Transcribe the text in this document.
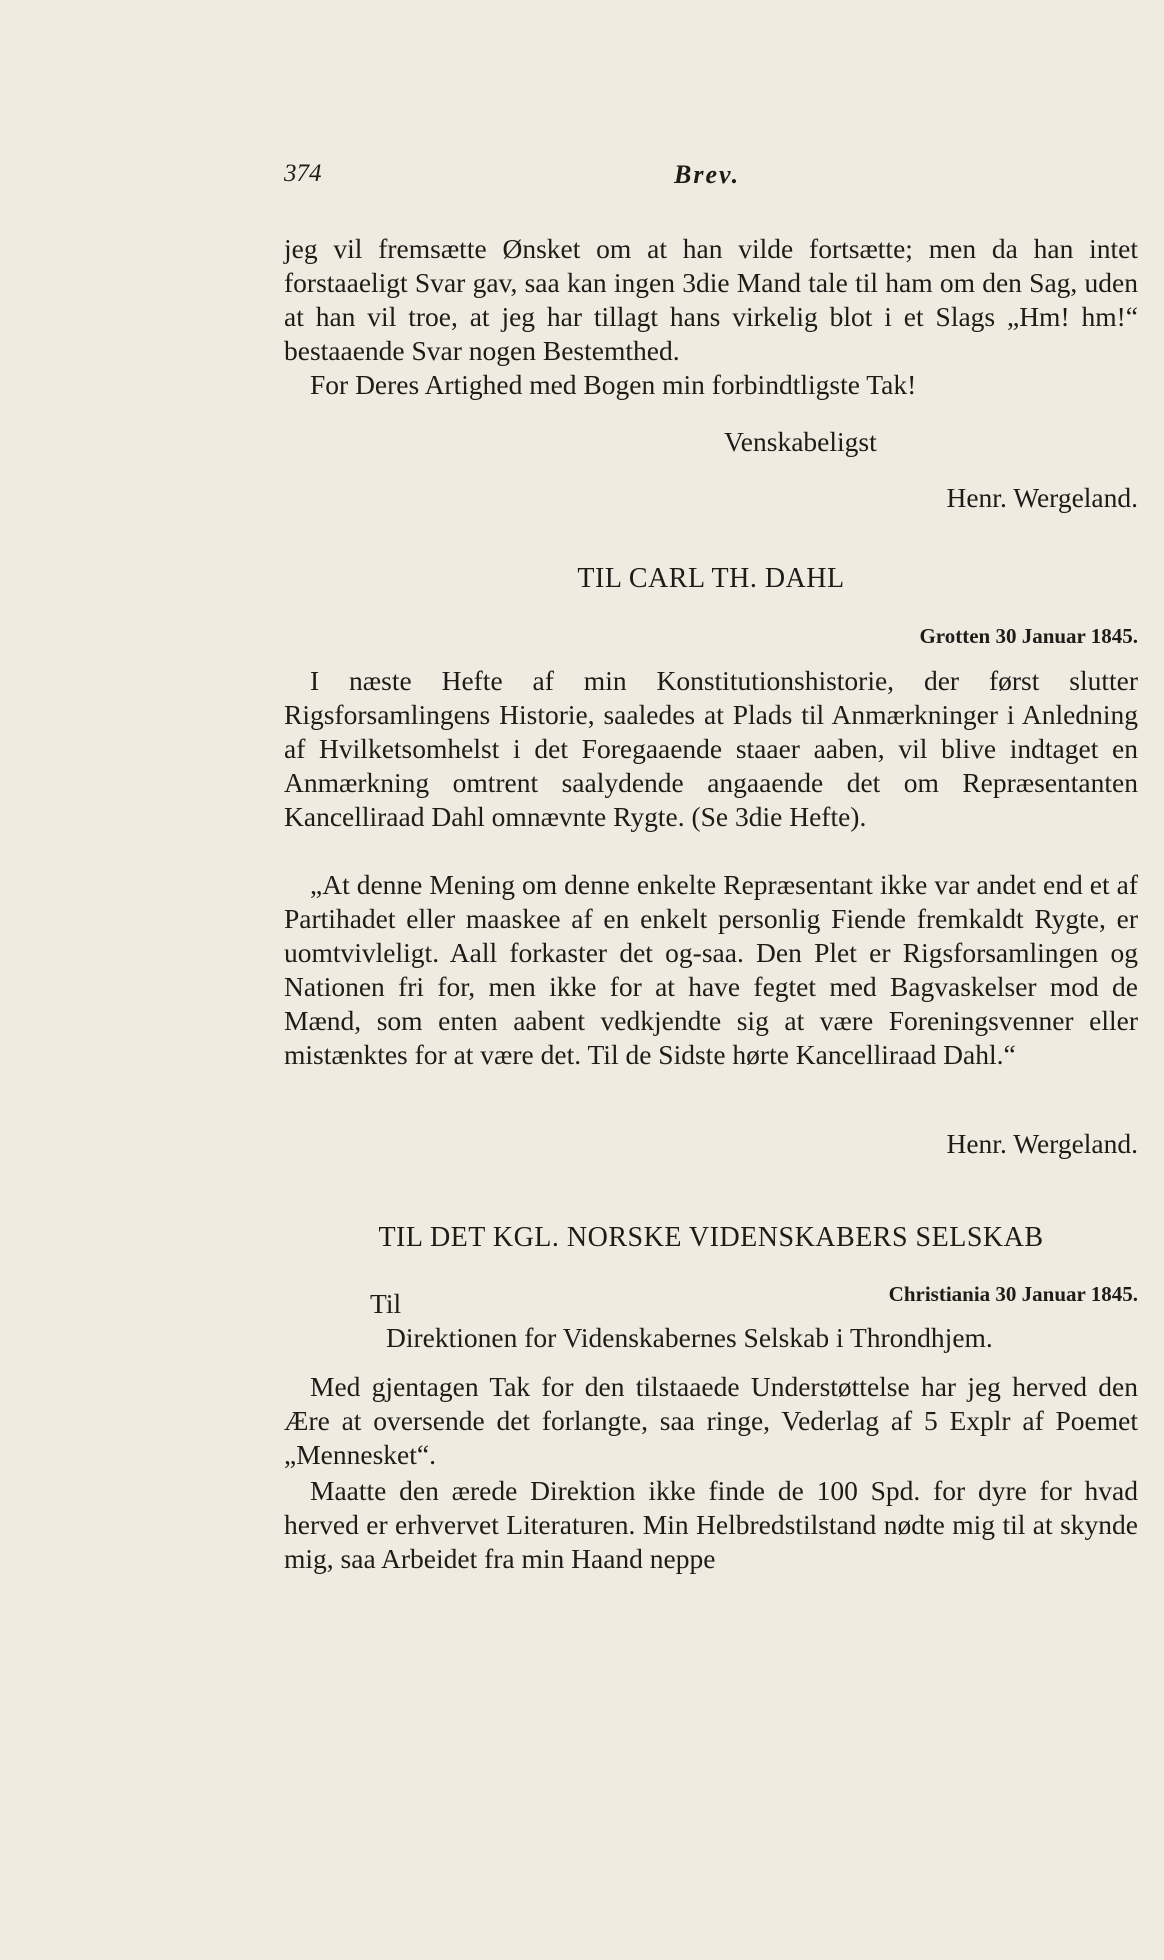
374	Brev.

jeg vil fremsætte Ønsket om at han vilde fortsætte; men da han intet forstaaeligt Svar gav, saa kan ingen 3die Mand tale til ham om den Sag, uden at han vil troe, at jeg har tillagt hans virkelig blot i et Slags „Hm! hm!“ bestaaende Svar nogen Bestemthed.

For Deres Artighed med Bogen min forbindtligste Tak!

Venskabeligst
Henr. Wergeland.
TIL CARL TH. DAHL
Grotten 30 Januar 1845.

I næste Hefte af min Konstitutionshistorie, der først slutter Rigsforsamlingens Historie, saaledes at Plads til Anmærkninger i Anledning af Hvilketsomhelst i det Foregaaende staaer aaben, vil blive indtaget en Anmærkning omtrent saalydende angaaende det om Repræsentanten Kancelliraad Dahl omnævnte Rygte. (Se 3die Hefte).

„At denne Mening om denne enkelte Repræsentant ikke var andet end et af Partihadet eller maaskee af en enkelt personlig Fiende fremkaldt Rygte, er uomtvivleligt. Aall forkaster det og-saa. Den Plet er Rigsforsamlingen og Nationen fri for, men ikke for at have fegtet med Bagvaskelser mod de Mænd, som enten aabent vedkjendte sig at være Foreningsvenner eller mistænktes for at være det. Til de Sidste hørte Kancelliraad Dahl.“

Henr. Wergeland.
TIL DET KGL. NORSKE VIDENSKABERS SELSKAB
Til	Christiania 30 Januar 1845.
Direktionen for Videnskabernes Selskab i Throndhjem.

Med gjentagen Tak for den tilstaaede Understøttelse har jeg herved den Ære at oversende det forlangte, saa ringe, Vederlag af 5 Explr af Poemet „Mennesket“.

Maatte den ærede Direktion ikke finde de 100 Spd. for dyre for hvad herved er erhvervet Literaturen. Min Helbredstilstand nødte mig til at skynde mig, saa Arbeidet fra min Haand neppe
